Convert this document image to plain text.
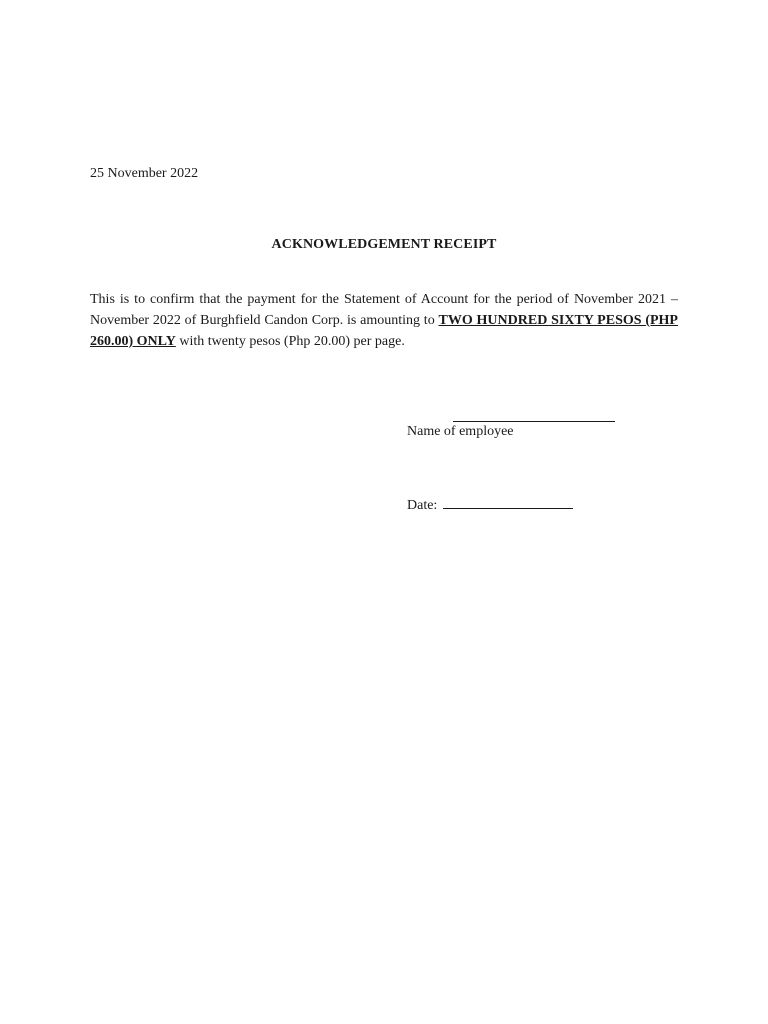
25 November 2022
ACKNOWLEDGEMENT RECEIPT
This is to confirm that the payment for the Statement of Account for the period of November 2021 – November 2022 of Burghfield Candon Corp. is amounting to TWO HUNDRED SIXTY PESOS (PHP 260.00) ONLY with twenty pesos (Php 20.00) per page.
Name of employee
Date:
